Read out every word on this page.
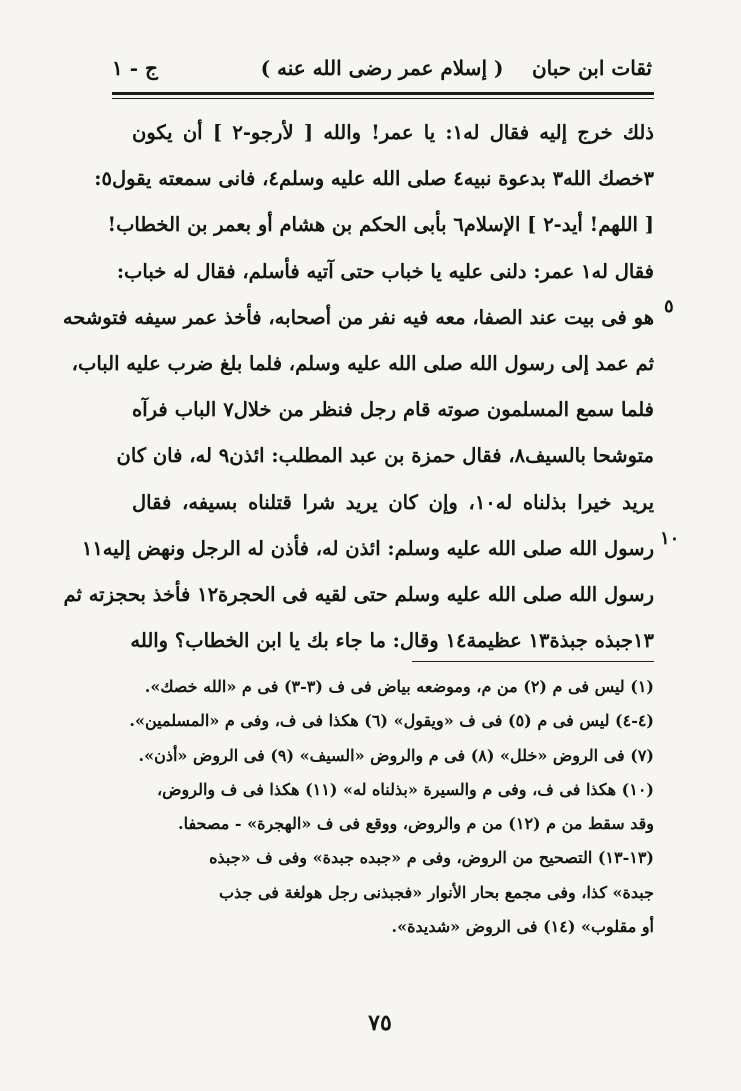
ثقات ابن حبان
( إسلام عمر رضى الله عنه )
ج - ١
ذلك خرج إليه فقال له١: يا عمر! والله [ لأرجو-٢ ] أن يكون
٣خصك الله٣ بدعوة نبيه٤ صلى الله عليه وسلم٤، فانى سمعته يقول٥:
[ اللهم! أيد-٢ ] الإسلام٦ بأبى الحكم بن هشام أو بعمر بن الخطاب!
فقال له١ عمر: دلنى عليه يا خباب حتى آتيه فأسلم، فقال له خباب:
هو فى بيت عند الصفا، معه فيه نفر من أصحابه، فأخذ عمر سيفه فتوشحه
ثم عمد إلى رسول الله صلى الله عليه وسلم، فلما بلغ ضرب عليه الباب،
فلما سمع المسلمون صوته قام رجل فنظر من خلال٧ الباب فرآه
متوشحا بالسيف٨، فقال حمزة بن عبد المطلب: ائذن٩ له، فان كان
يريد خيرا بذلناه له١٠، وإن كان يريد شرا قتلناه بسيفه، فقال
رسول الله صلى الله عليه وسلم: ائذن له، فأذن له الرجل ونهض إليه١١
رسول الله صلى الله عليه وسلم حتى لقيه فى الحجرة١٢ فأخذ بحجزته ثم
١٣جبذه جبذة١٣ عظيمة١٤ وقال: ما جاء بك يا ابن الخطاب؟ والله
٥
١٠
(١) ليس فى م (٢) من م، وموضعه بياض فى ف (٣-٣) فى م «الله خصك».
(٤-٤) ليس فى م (٥) فى ف «ويقول» (٦) هكذا فى ف، وفى م «المسلمين».
(٧) فى الروض «خلل» (٨) فى م والروض «السيف» (٩) فى الروض «أذن».
(١٠) هكذا فى ف، وفى م والسيرة «بذلناه له» (١١) هكذا فى ف والروض،
وقد سقط من م (١٢) من م والروض، ووقع فى ف «الهجرة» - مصحفا.
(١٣-١٣) التصحيح من الروض، وفى م «جبده جبدة» وفى ف «جبذه
جبدة» كذا، وفى مجمع بحار الأنوار «فجبذنى رجل هولغة فى جذب
أو مقلوب» (١٤) فى الروض «شديدة».
٧٥
